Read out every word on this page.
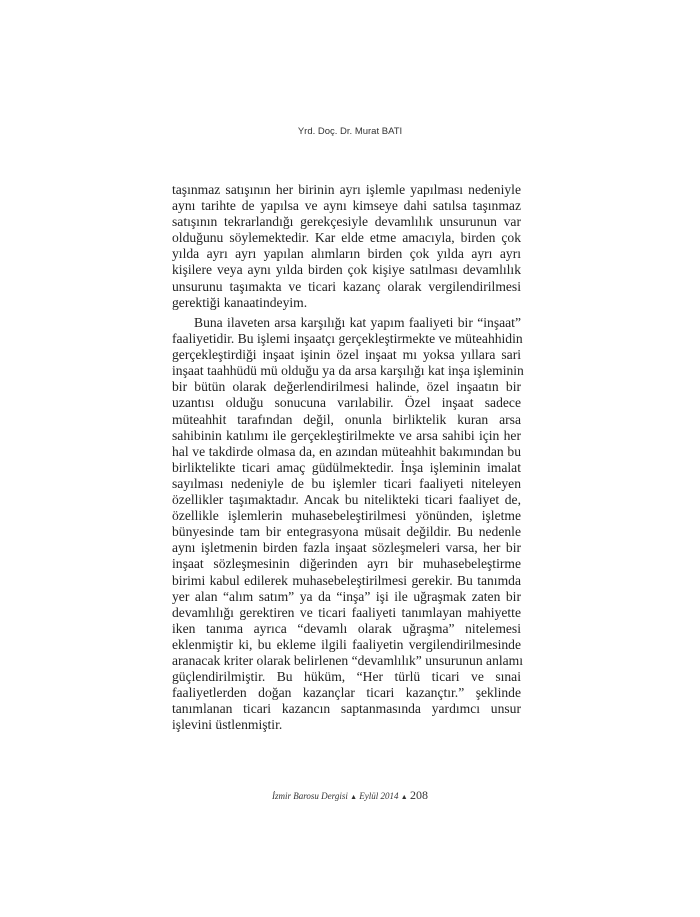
Yrd. Doç. Dr. Murat BATI
taşınmaz satışının her birinin ayrı işlemle yapılması nedeniyle
aynı tarihte de yapılsa ve aynı kimseye dahi satılsa taşınmaz
satışının tekrarlandığı gerekçesiyle devamlılık unsurunun var
olduğunu söylemektedir. Kar elde etme amacıyla, birden çok
yılda ayrı ayrı yapılan alımların birden çok yılda ayrı ayrı
kişilere veya aynı yılda birden çok kişiye satılması devamlılık
unsurunu taşımakta ve ticari kazanç olarak vergilendirilmesi
gerektiği kanaatindeyim.
Buna ilaveten arsa karşılığı kat yapım faaliyeti bir “inşaat”
faaliyetidir. Bu işlemi inşaatçı gerçekleştirmekte ve müteahhidin
gerçekleştirdiği inşaat işinin özel inşaat mı yoksa yıllara sari
inşaat taahhüdü mü olduğu ya da arsa karşılığı kat inşa işleminin
bir bütün olarak değerlendirilmesi halinde, özel inşaatın bir
uzantısı olduğu sonucuna varılabilir. Özel inşaat sadece
müteahhit tarafından değil, onunla birliktelik kuran arsa
sahibinin katılımı ile gerçekleştirilmekte ve arsa sahibi için her
hal ve takdirde olmasa da, en azından müteahhit bakımından bu
birliktelikte ticari amaç güdülmektedir. İnşa işleminin imalat
sayılması nedeniyle de bu işlemler ticari faaliyeti niteleyen
özellikler taşımaktadır. Ancak bu nitelikteki ticari faaliyet de,
özellikle işlemlerin muhasebeleştirilmesi yönünden, işletme
bünyesinde tam bir entegrasyona müsait değildir. Bu nedenle
aynı işletmenin birden fazla inşaat sözleşmeleri varsa, her bir
inşaat sözleşmesinin diğerinden ayrı bir muhasebeleştirme
birimi kabul edilerek muhasebeleştirilmesi gerekir. Bu tanımda
yer alan “alım satım” ya da “inşa” işi ile uğraşmak zaten bir
devamlılığı gerektiren ve ticari faaliyeti tanımlayan mahiyette
iken tanıma ayrıca “devamlı olarak uğraşma” nitelemesi
eklenmiştir ki, bu ekleme ilgili faaliyetin vergilendirilmesinde
aranacak kriter olarak belirlenen “devamlılık” unsurunun anlamı
güçlendirilmiştir. Bu hüküm, “Her türlü ticari ve sınai
faaliyetlerden doğan kazançlar ticari kazançtır.” şeklinde
tanımlanan ticari kazancın saptanmasında yardımcı unsur
işlevini üstlenmiştir.
İzmir Barosu Dergisi ▲ Eylül 2014 ▲ 208
